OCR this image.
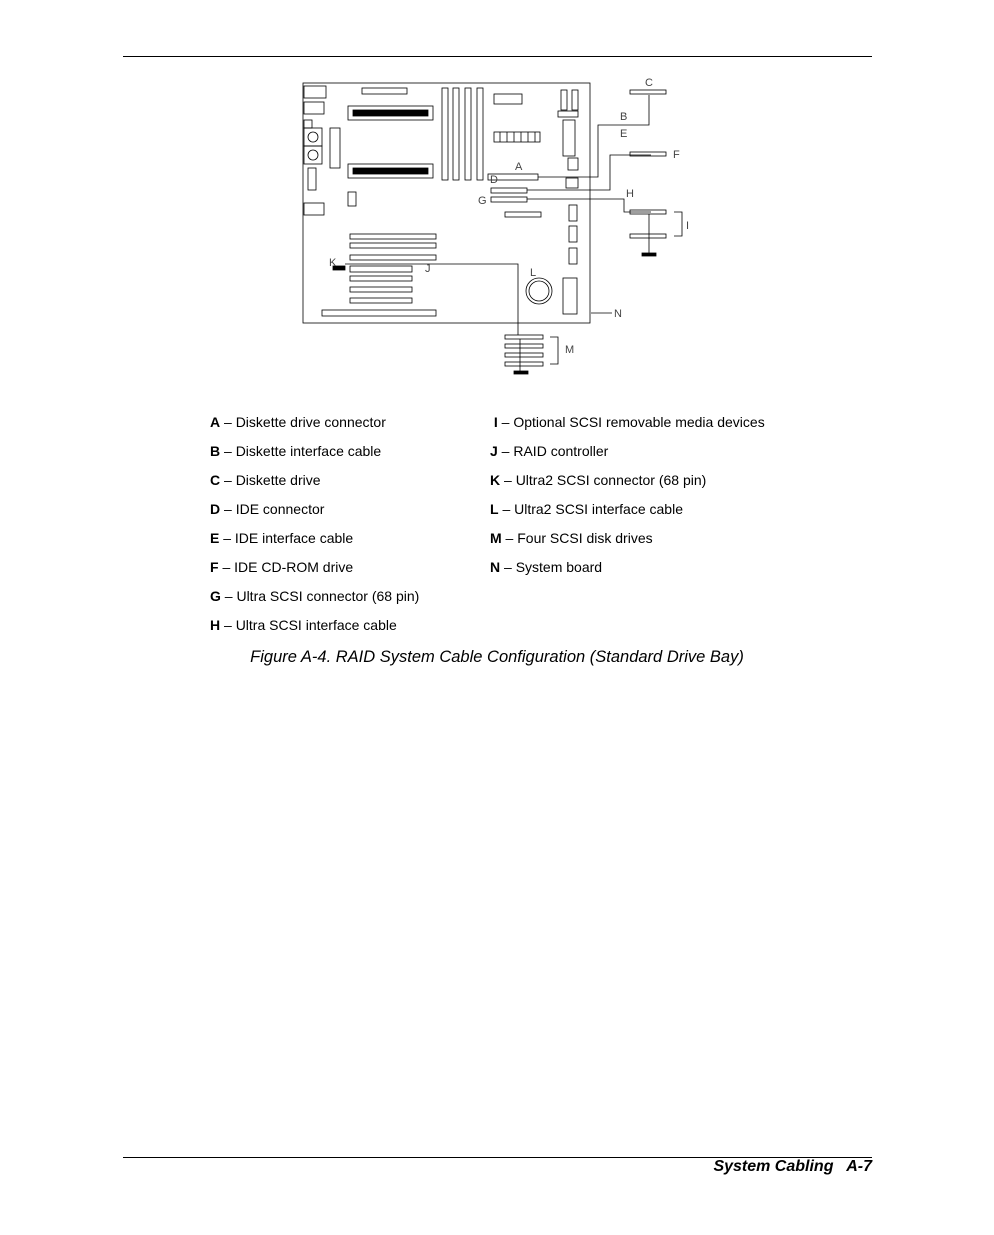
A
B
C
D
E
F
G
H
I
J
K
L
M
N
A – Diskette drive connector
B – Diskette interface cable
C – Diskette drive
D – IDE connector
E – IDE interface cable
F – IDE CD-ROM drive
G – Ultra SCSI connector (68 pin)
H – Ultra SCSI interface cable
I – Optional SCSI removable media devices
J – RAID controller
K – Ultra2 SCSI connector (68 pin)
L – Ultra2 SCSI interface cable
M – Four SCSI disk drives
N – System board
Figure A-4. RAID System Cable Configuration (Standard Drive Bay)
System Cabling A-7
